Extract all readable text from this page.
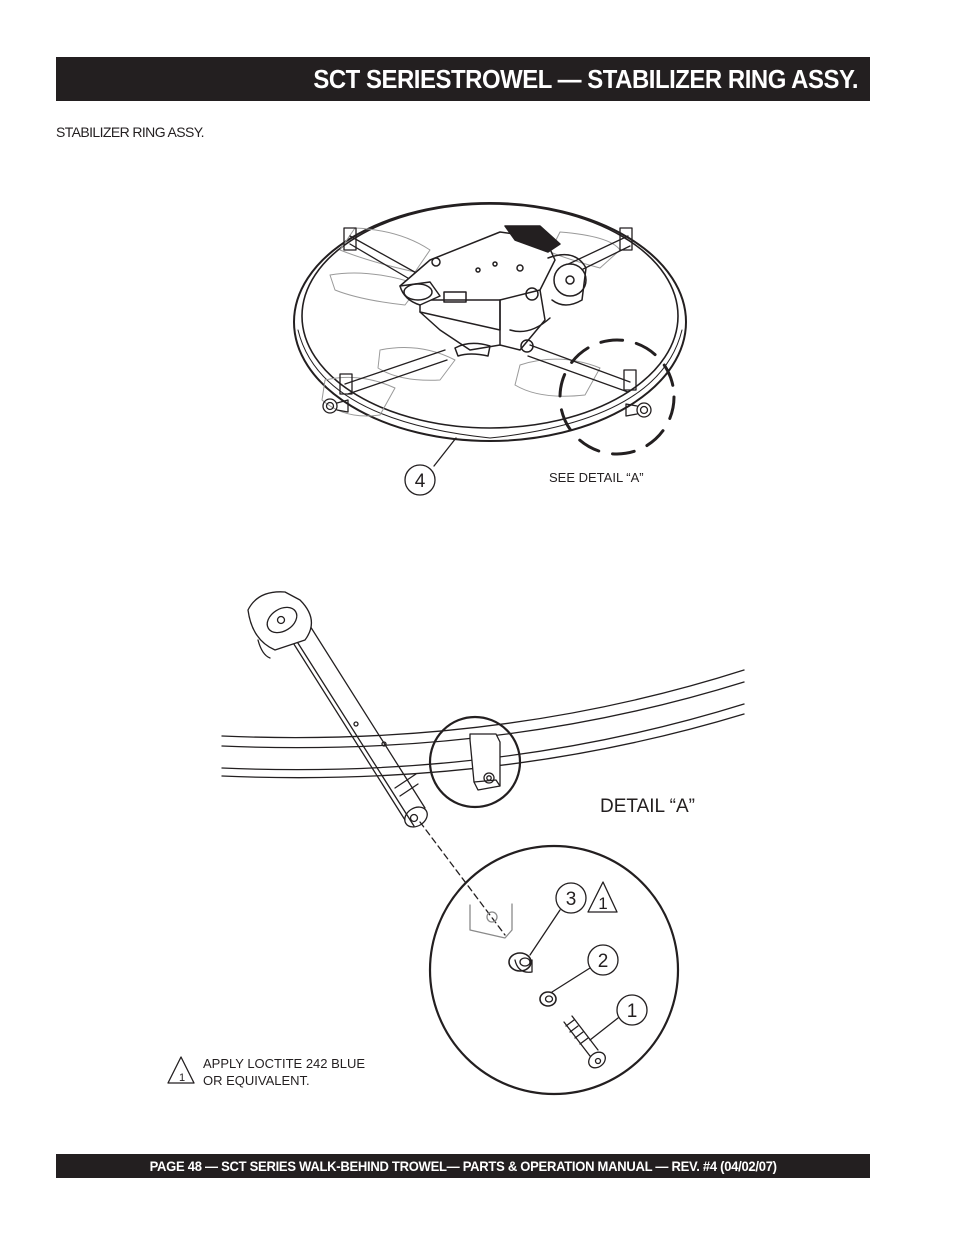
SCT SERIESTROWEL — STABILIZER RING ASSY.
STABILIZER RING ASSY.
4	SEE DETAIL “A”
DETAIL “A”
3 1
2
1
1
APPLY LOCTITE 242 BLUE
OR EQUIVALENT.
PAGE 48 — SCT SERIES WALK-BEHIND TROWEL— PARTS & OPERATION MANUAL — REV. #4 (04/02/07)
